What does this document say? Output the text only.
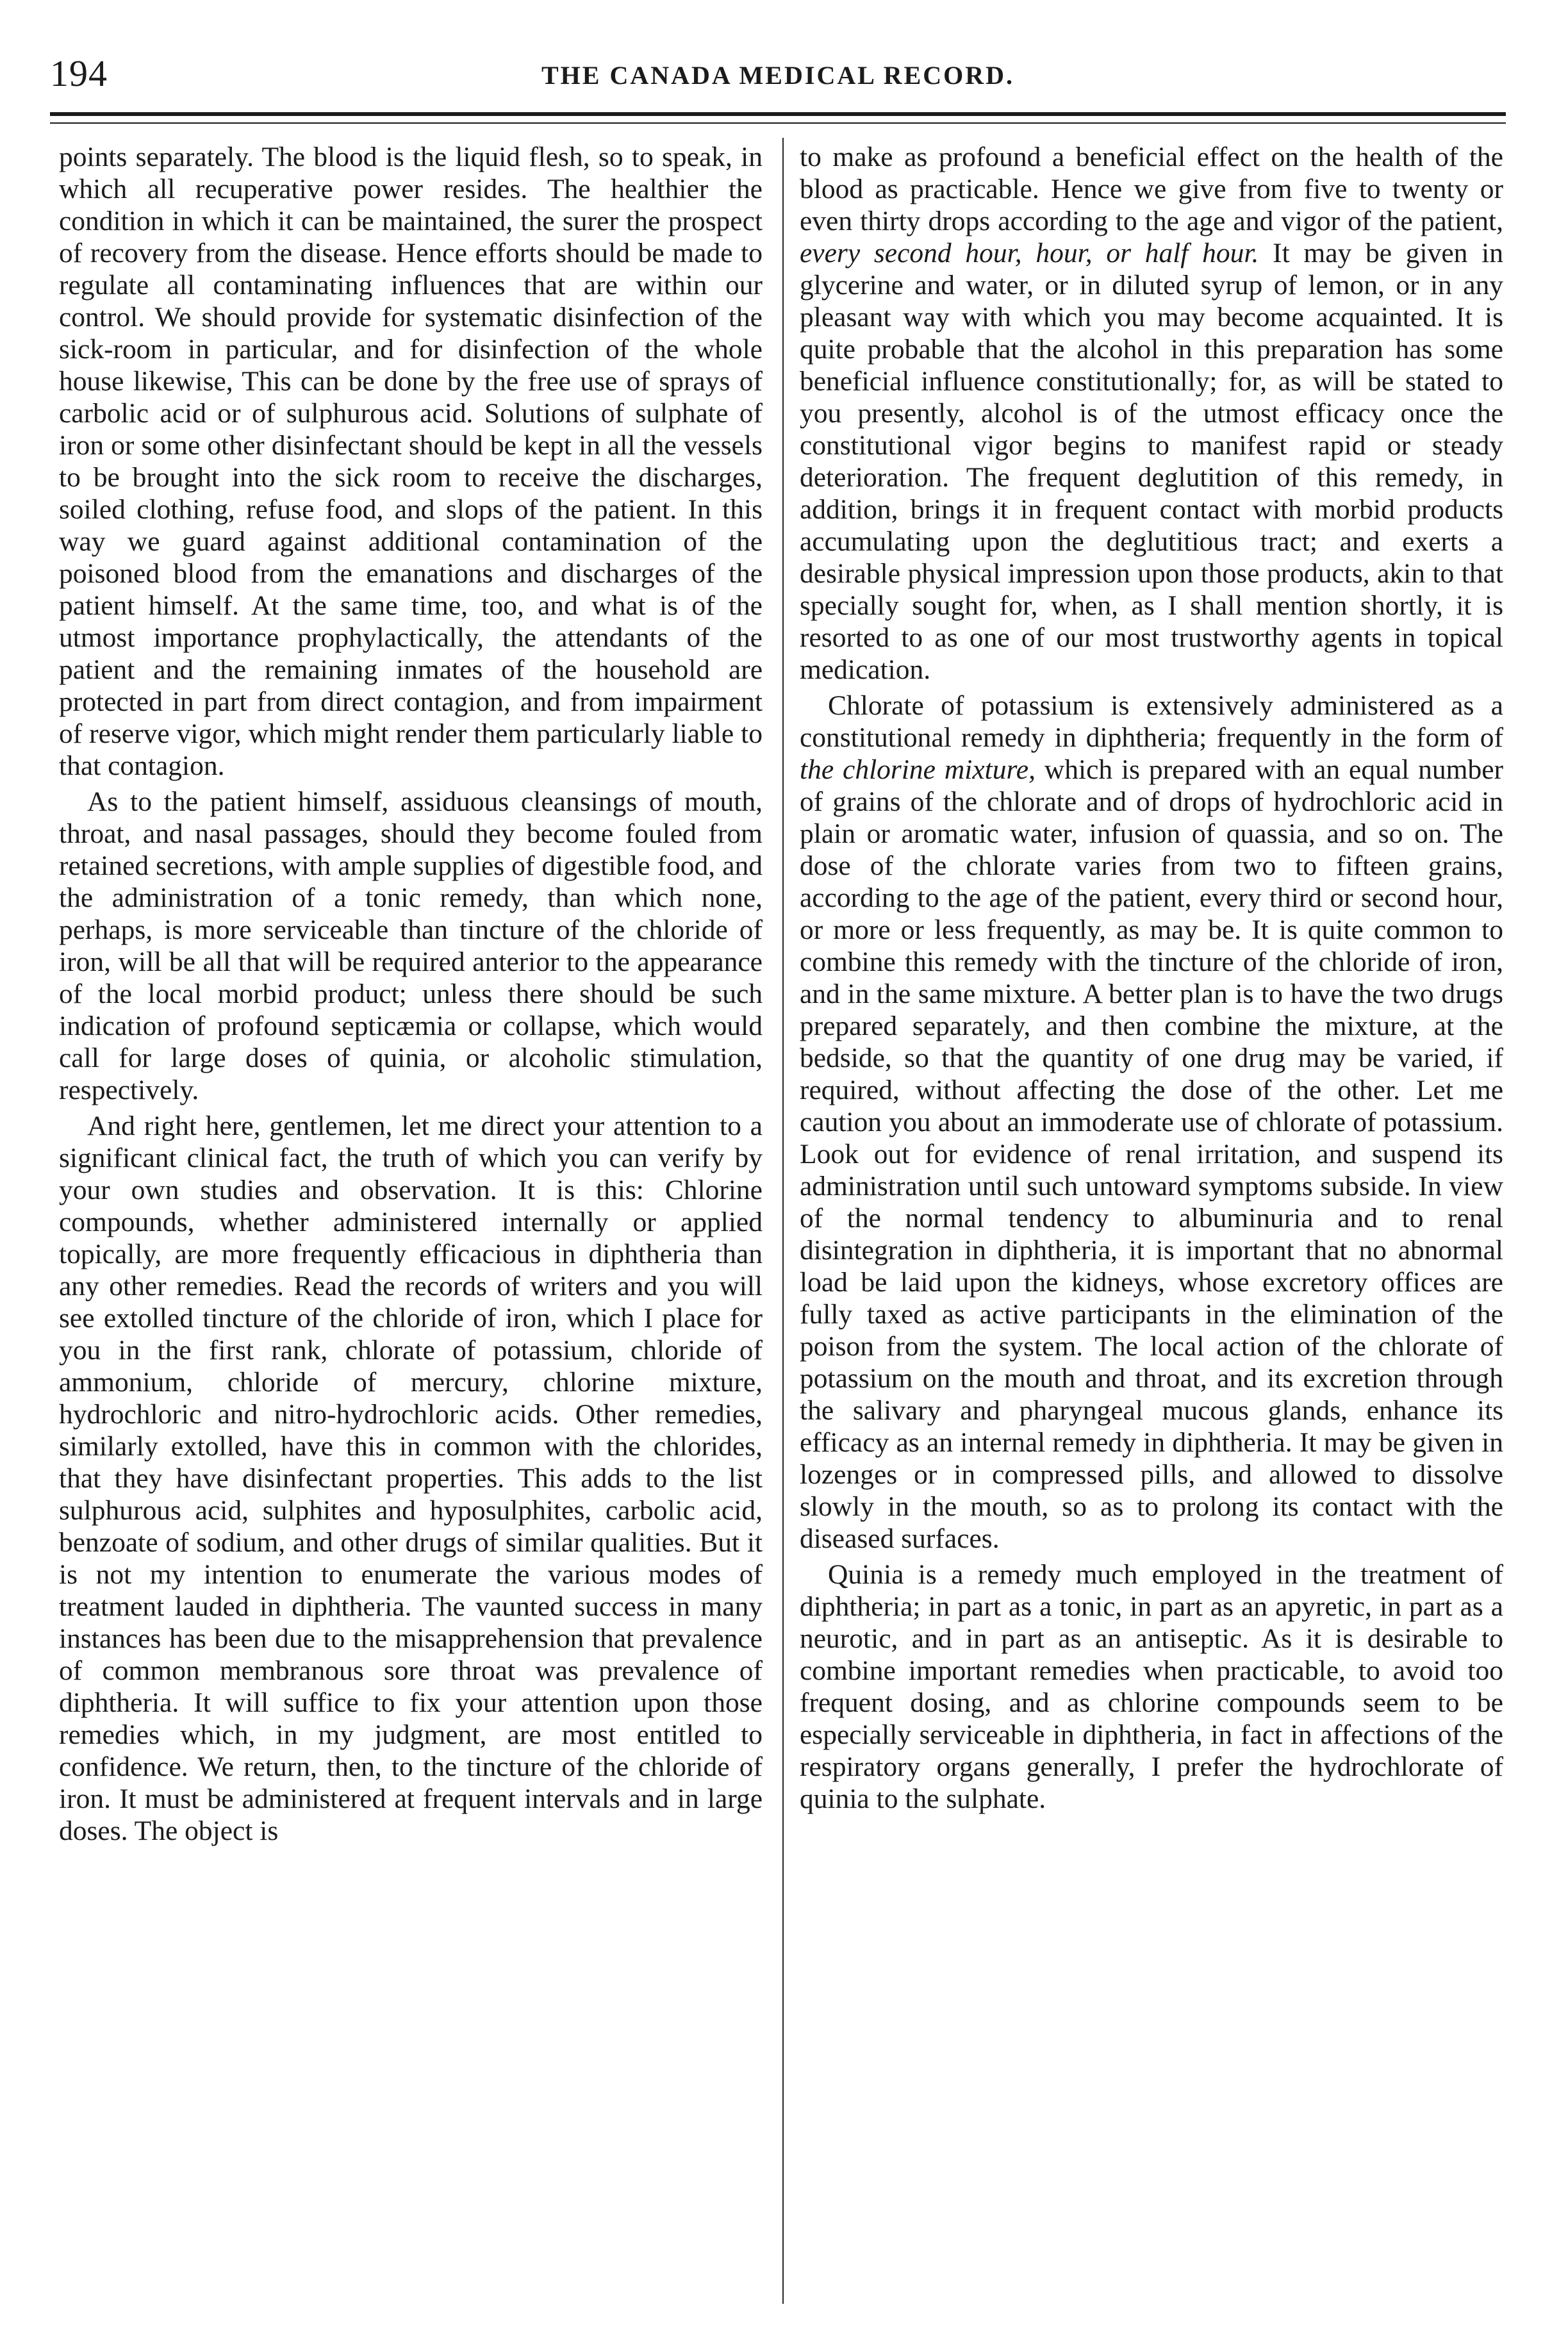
194	THE CANADA MEDICAL RECORD.

points separately. The blood is the liquid flesh, so to speak, in which all recuperative power resides. The healthier the condition in which it can be maintained, the surer the prospect of recovery from the disease. Hence efforts should be made to regulate all contaminating influences that are within our control. We should provide for systematic disinfection of the sick-room in particular, and for disinfection of the whole house likewise, This can be done by the free use of sprays of carbolic acid or of sulphurous acid. Solutions of sulphate of iron or some other disinfectant should be kept in all the vessels to be brought into the sick room to receive the discharges, soiled clothing, refuse food, and slops of the patient. In this way we guard against additional contamination of the poisoned blood from the emanations and discharges of the patient himself. At the same time, too, and what is of the utmost importance prophylactically, the attendants of the patient and the remaining inmates of the household are protected in part from direct contagion, and from impairment of reserve vigor, which might render them particularly liable to that contagion.

As to the patient himself, assiduous cleansings of mouth, throat, and nasal passages, should they become fouled from retained secretions, with ample supplies of digestible food, and the administration of a tonic remedy, than which none, perhaps, is more serviceable than tincture of the chloride of iron, will be all that will be required anterior to the appearance of the local morbid product; unless there should be such indication of profound septicæmia or collapse, which would call for large doses of quinia, or alcoholic stimulation, respectively.

And right here, gentlemen, let me direct your attention to a significant clinical fact, the truth of which you can verify by your own studies and observation. It is this: Chlorine compounds, whether administered internally or applied topically, are more frequently efficacious in diphtheria than any other remedies. Read the records of writers and you will see extolled tincture of the chloride of iron, which I place for you in the first rank, chlorate of potassium, chloride of ammonium, chloride of mercury, chlorine mixture, hydrochloric and nitro-hydrochloric acids. Other remedies, similarly extolled, have this in common with the chlorides, that they have disinfectant properties. This adds to the list sulphurous acid, sulphites and hyposulphites, carbolic acid, benzoate of sodium, and other drugs of similar qualities. But it is not my intention to enumerate the various modes of treatment lauded in diphtheria. The vaunted success in many instances has been due to the misapprehension that prevalence of common membranous sore throat was prevalence of diphtheria. It will suffice to fix your attention upon those remedies which, in my judgment, are most entitled to confidence. We return, then, to the tincture of the chloride of iron. It must be administered at frequent intervals and in large doses. The object is

to make as profound a beneficial effect on the health of the blood as practicable. Hence we give from five to twenty or even thirty drops according to the age and vigor of the patient, every second hour, hour, or half hour. It may be given in glycerine and water, or in diluted syrup of lemon, or in any pleasant way with which you may become acquainted. It is quite probable that the alcohol in this preparation has some beneficial influence constitutionally; for, as will be stated to you presently, alcohol is of the utmost efficacy once the constitutional vigor begins to manifest rapid or steady deterioration. The frequent deglutition of this remedy, in addition, brings it in frequent contact with morbid products accumulating upon the deglutitious tract; and exerts a desirable physical impression upon those products, akin to that specially sought for, when, as I shall mention shortly, it is resorted to as one of our most trustworthy agents in topical medication.

Chlorate of potassium is extensively administered as a constitutional remedy in diphtheria; frequently in the form of the chlorine mixture, which is prepared with an equal number of grains of the chlorate and of drops of hydrochloric acid in plain or aromatic water, infusion of quassia, and so on. The dose of the chlorate varies from two to fifteen grains, according to the age of the patient, every third or second hour, or more or less frequently, as may be. It is quite common to combine this remedy with the tincture of the chloride of iron, and in the same mixture. A better plan is to have the two drugs prepared separately, and then combine the mixture, at the bedside, so that the quantity of one drug may be varied, if required, without affecting the dose of the other. Let me caution you about an immoderate use of chlorate of potassium. Look out for evidence of renal irritation, and suspend its administration until such untoward symptoms subside. In view of the normal tendency to albuminuria and to renal disintegration in diphtheria, it is important that no abnormal load be laid upon the kidneys, whose excretory offices are fully taxed as active participants in the elimination of the poison from the system. The local action of the chlorate of potassium on the mouth and throat, and its excretion through the salivary and pharyngeal mucous glands, enhance its efficacy as an internal remedy in diphtheria. It may be given in lozenges or in compressed pills, and allowed to dissolve slowly in the mouth, so as to prolong its contact with the diseased surfaces.

Quinia is a remedy much employed in the treatment of diphtheria; in part as a tonic, in part as an apyretic, in part as a neurotic, and in part as an antiseptic. As it is desirable to combine important remedies when practicable, to avoid too frequent dosing, and as chlorine compounds seem to be especially serviceable in diphtheria, in fact in affections of the respiratory organs generally, I prefer the hydrochlorate of quinia to the sulphate.
